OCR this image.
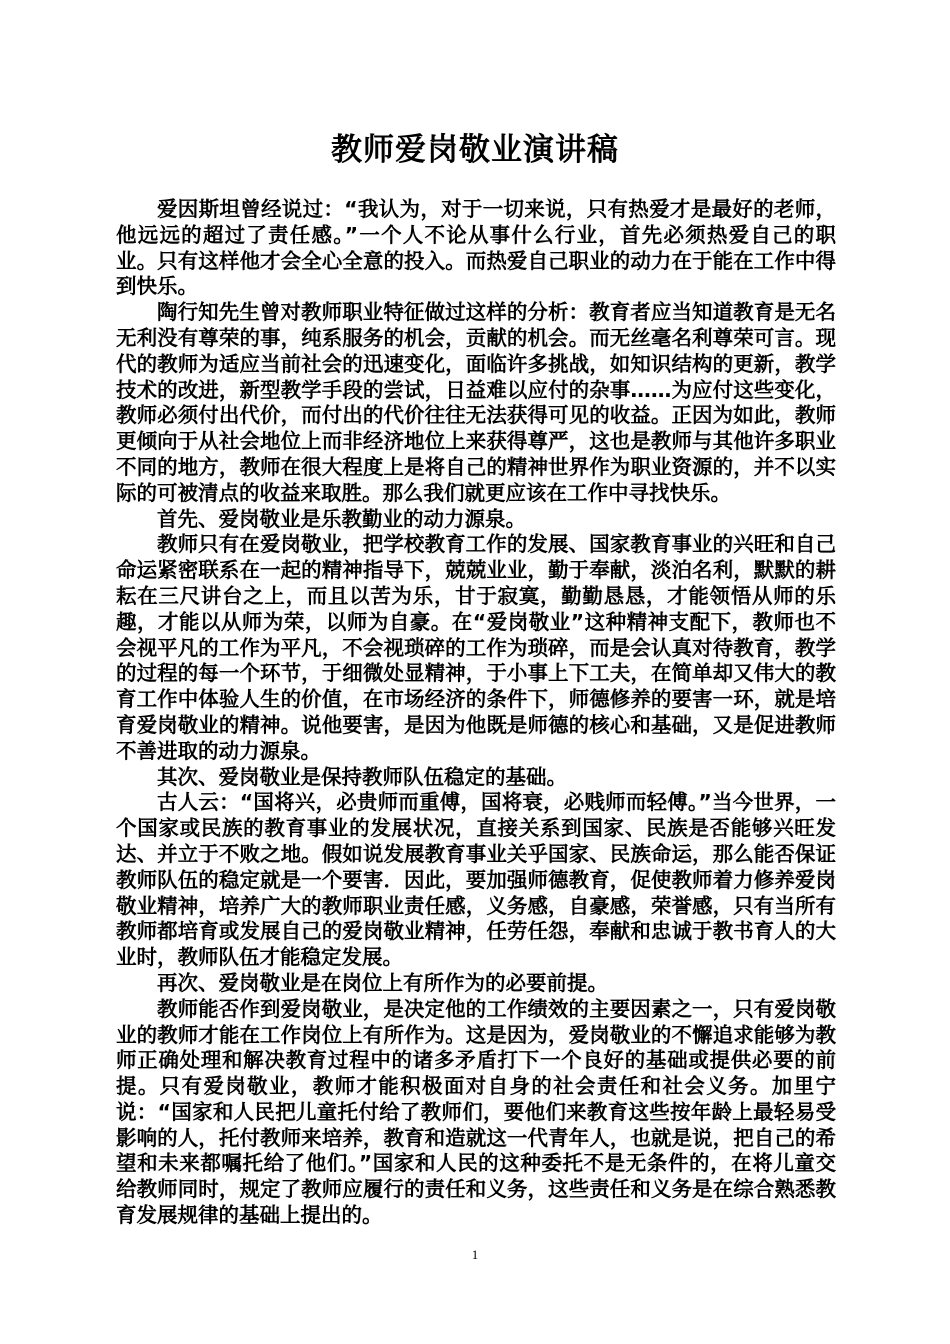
教师爱岗敬业演讲稿

爱因斯坦曾经说过：“我认为，对于一切来说，只有热爱才是最好的老师，他远远的超过了责任感。”一个人不论从事什么行业，首先必须热爱自己的职业。只有这样他才会全心全意的投入。而热爱自己职业的动力在于能在工作中得到快乐。

陶行知先生曾对教师职业特征做过这样的分析：教育者应当知道教育是无名无利没有尊荣的事，纯系服务的机会，贡献的机会。而无丝毫名利尊荣可言。现代的教师为适应当前社会的迅速变化，面临许多挑战，如知识结构的更新，教学技术的改进，新型教学手段的尝试，日益难以应付的杂事……为应付这些变化，教师必须付出代价，而付出的代价往往无法获得可见的收益。正因为如此，教师更倾向于从社会地位上而非经济地位上来获得尊严，这也是教师与其他许多职业不同的地方，教师在很大程度上是将自己的精神世界作为职业资源的，并不以实际的可被清点的收益来取胜。那么我们就更应该在工作中寻找快乐。

首先、爱岗敬业是乐教勤业的动力源泉。

教师只有在爱岗敬业，把学校教育工作的发展、国家教育事业的兴旺和自己命运紧密联系在一起的精神指导下，兢兢业业，勤于奉献，淡泊名利，默默的耕耘在三尺讲台之上，而且以苦为乐，甘于寂寞，勤勤恳恳，才能领悟从师的乐趣，才能以从师为荣，以师为自豪。在“爱岗敬业”这种精神支配下，教师也不会视平凡的工作为平凡，不会视琐碎的工作为琐碎，而是会认真对待教育，教学的过程的每一个环节，于细微处显精神，于小事上下工夫，在简单却又伟大的教育工作中体验人生的价值，在市场经济的条件下，师德修养的要害一环，就是培育爱岗敬业的精神。说他要害，是因为他既是师德的核心和基础，又是促进教师不善进取的动力源泉。

其次、爱岗敬业是保持教师队伍稳定的基础。

古人云：“国将兴，必贵师而重傅，国将衰，必贱师而轻傅。”当今世界，一个国家或民族的教育事业的发展状况，直接关系到国家、民族是否能够兴旺发达、并立于不败之地。假如说发展教育事业关乎国家、民族命运，那么能否保证教师队伍的稳定就是一个要害．因此，要加强师德教育，促使教师着力修养爱岗敬业精神，培养广大的教师职业责任感，义务感，自豪感，荣誉感，只有当所有教师都培育或发展自己的爱岗敬业精神，任劳任怨，奉献和忠诚于教书育人的大业时，教师队伍才能稳定发展。

再次、爱岗敬业是在岗位上有所作为的必要前提。

教师能否作到爱岗敬业，是决定他的工作绩效的主要因素之一，只有爱岗敬业的教师才能在工作岗位上有所作为。这是因为，爱岗敬业的不懈追求能够为教师正确处理和解决教育过程中的诸多矛盾打下一个良好的基础或提供必要的前提。只有爱岗敬业，教师才能积极面对自身的社会责任和社会义务。加里宁说：“国家和人民把儿童托付给了教师们，要他们来教育这些按年龄上最轻易受影响的人，托付教师来培养，教育和造就这一代青年人，也就是说，把自己的希望和未来都嘱托给了他们。”国家和人民的这种委托不是无条件的，在将儿童交给教师同时，规定了教师应履行的责任和义务，这些责任和义务是在综合熟悉教育发展规律的基础上提出的。

1
